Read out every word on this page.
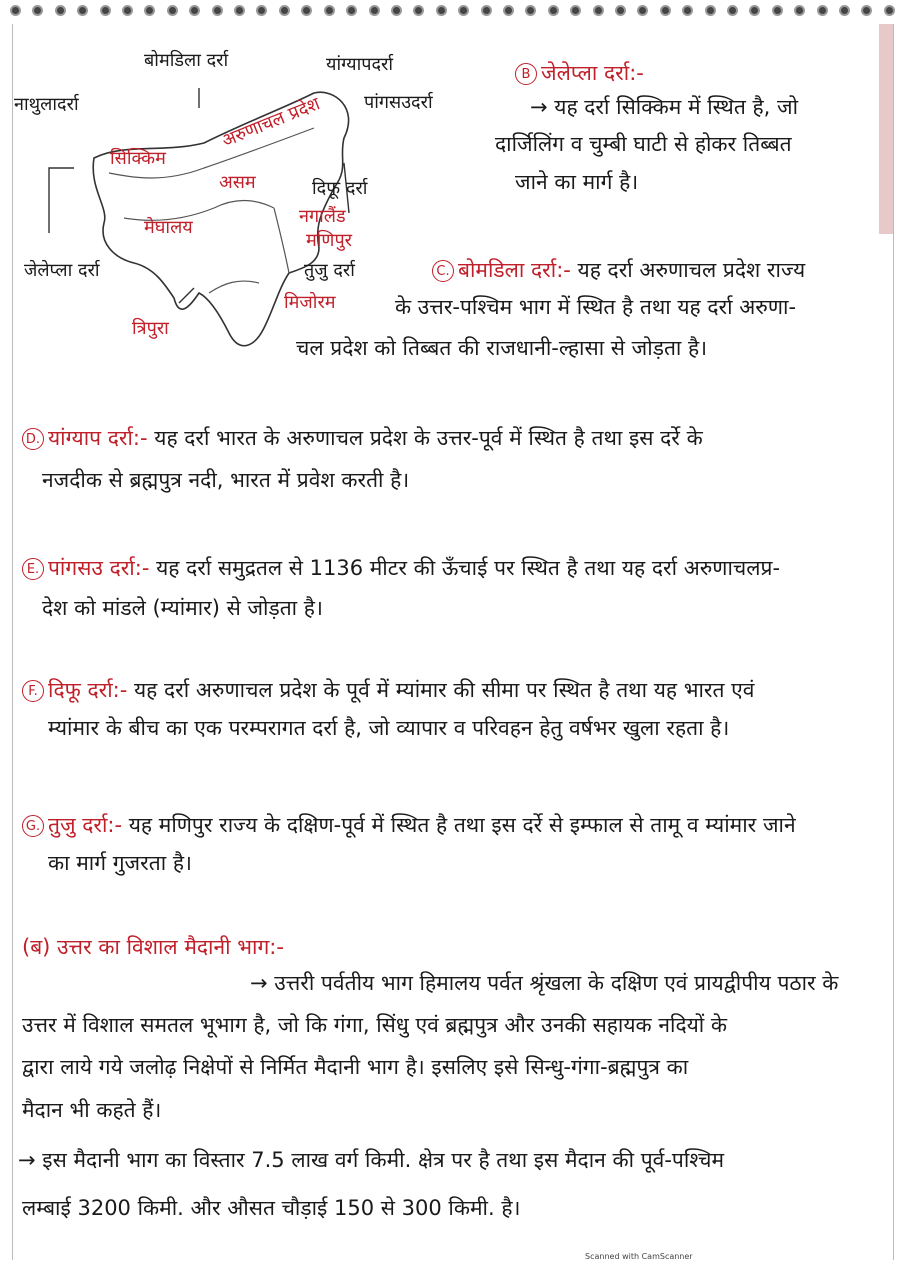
बोमडिला दर्रा	यांग्यापदर्रा
नाथुलादर्रा	पांगसउदर्रा
अरुणाचल प्रदेश
सिक्किम
असम	दिफू दर्रा
नगालैंड
मेघालय
मणिपुर
जेलेप्ला दर्रा	तुजु दर्रा
मिजोरम
त्रिपुरा
B जेलेप्ला दर्रा:-
→ यह दर्रा सिक्किम में स्थित है, जो
दार्जिलिंग व चुम्बी घाटी से होकर तिब्बत
जाने का मार्ग है।
C. बोमडिला दर्रा:- यह दर्रा अरुणाचल प्रदेश राज्य
के उत्तर-पश्चिम भाग में स्थित है तथा यह दर्रा अरुणा-
चल प्रदेश को तिब्बत की राजधानी-ल्हासा से जोड़ता है।
D. यांग्याप दर्रा:- यह दर्रा भारत के अरुणाचल प्रदेश के उत्तर-पूर्व में स्थित है तथा इस दर्रे के
नजदीक से ब्रह्मपुत्र नदी, भारत में प्रवेश करती है।
E. पांगसउ दर्रा:- यह दर्रा समुद्रतल से 1136 मीटर की ऊँचाई पर स्थित है तथा यह दर्रा अरुणाचलप्र-
देश को मांडले (म्यांमार) से जोड़ता है।
F. दिफू दर्रा:- यह दर्रा अरुणाचल प्रदेश के पूर्व में म्यांमार की सीमा पर स्थित है तथा यह भारत एवं
म्यांमार के बीच का एक परम्परागत दर्रा है, जो व्यापार व परिवहन हेतु वर्षभर खुला रहता है।
G. तुजु दर्रा:- यह मणिपुर राज्य के दक्षिण-पूर्व में स्थित है तथा इस दर्रे से इम्फाल से तामू व म्यांमार जाने
का मार्ग गुजरता है।
(ब) उत्तर का विशाल मैदानी भाग:-
→ उत्तरी पर्वतीय भाग हिमालय पर्वत श्रृंखला के दक्षिण एवं प्रायद्वीपीय पठार के
उत्तर में विशाल समतल भूभाग है, जो कि गंगा, सिंधु एवं ब्रह्मपुत्र और उनकी सहायक नदियों के
द्वारा लाये गये जलोढ़ निक्षेपों से निर्मित मैदानी भाग है। इसलिए इसे सिन्धु-गंगा-ब्रह्मपुत्र का
मैदान भी कहते हैं।
→ इस मैदानी भाग का विस्तार 7.5 लाख वर्ग किमी. क्षेत्र पर है तथा इस मैदान की पूर्व-पश्चिम
लम्बाई 3200 किमी. और औसत चौड़ाई 150 से 300 किमी. है।
Scanned with CamScanner
